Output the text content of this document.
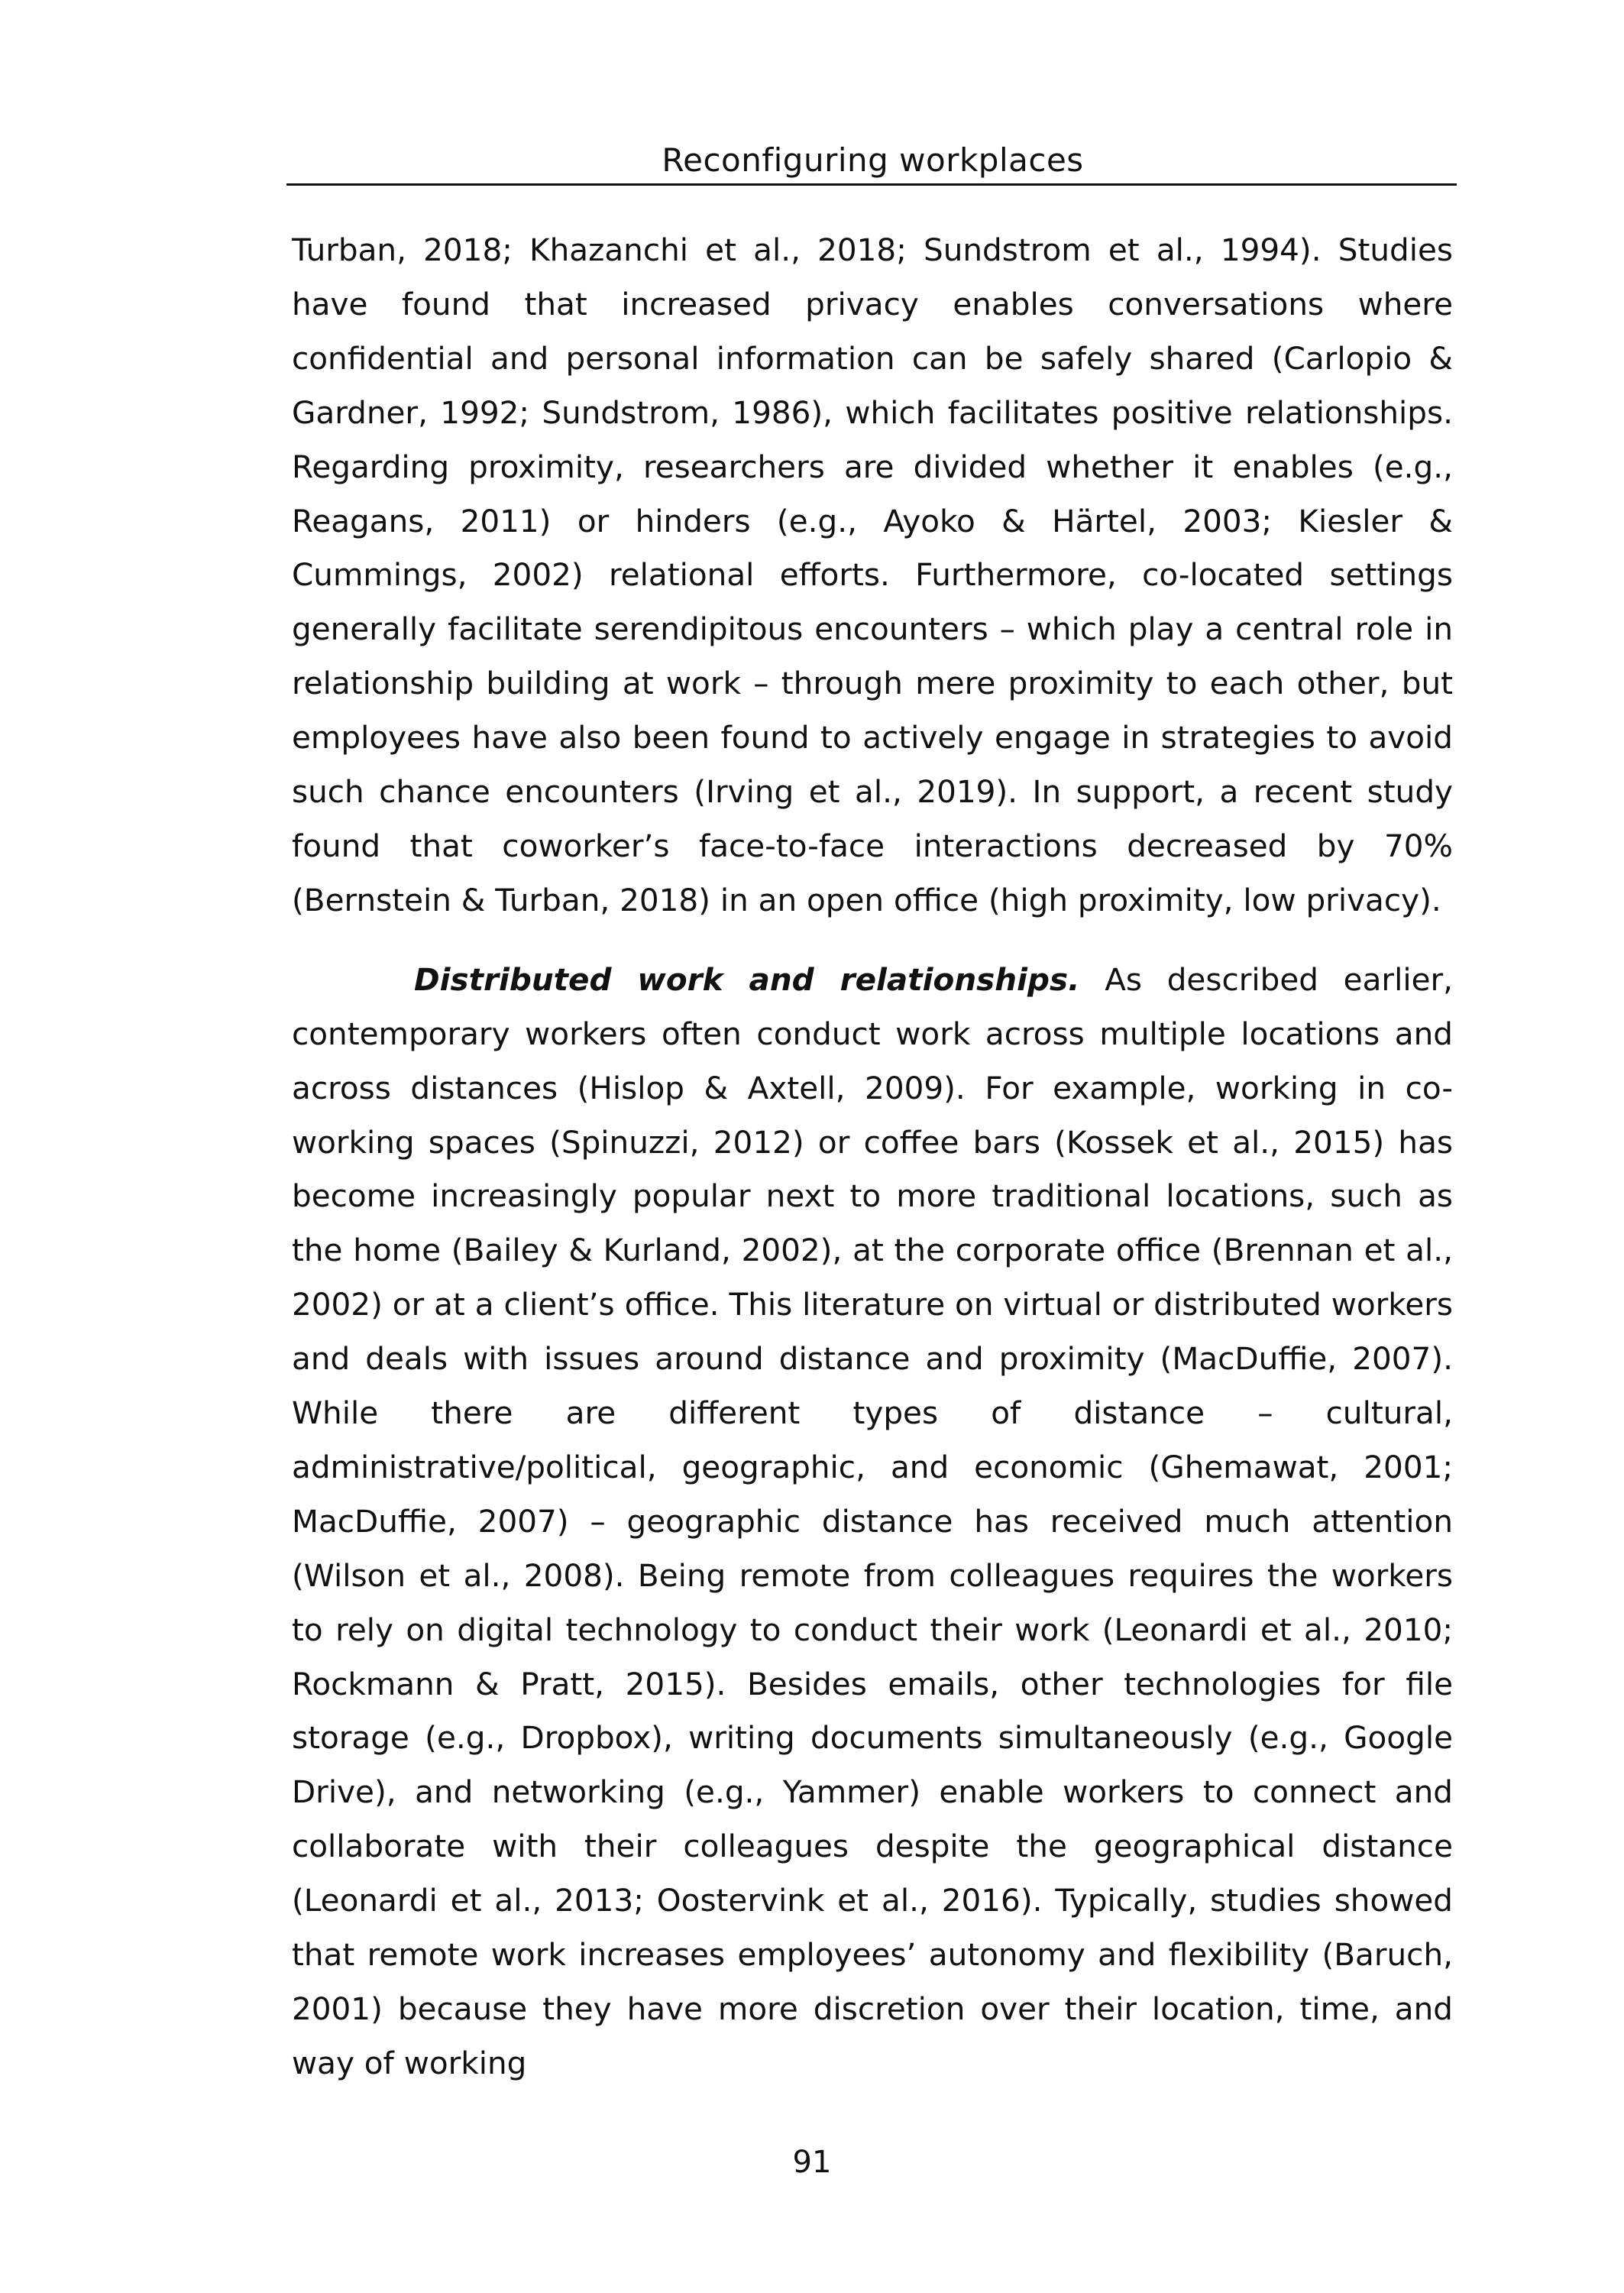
Reconfiguring workplaces

Turban, 2018; Khazanchi et al., 2018; Sundstrom et al., 1994). Studies have found that increased privacy enables conversations where confidential and personal information can be safely shared (Carlopio & Gardner, 1992; Sundstrom, 1986), which facilitates positive relationships. Regarding proximity, researchers are divided whether it enables (e.g., Reagans, 2011) or hinders (e.g., Ayoko & Härtel, 2003; Kiesler & Cummings, 2002) relational efforts. Furthermore, co-located settings generally facilitate serendipitous encounters – which play a central role in relationship building at work – through mere proximity to each other, but employees have also been found to actively engage in strategies to avoid such chance encounters (Irving et al., 2019). In support, a recent study found that coworker’s face-to-face interactions decreased by 70% (Bernstein & Turban, 2018) in an open office (high proximity, low privacy).

Distributed work and relationships. As described earlier, contemporary workers often conduct work across multiple locations and across distances (Hislop & Axtell, 2009). For example, working in co-working spaces (Spinuzzi, 2012) or coffee bars (Kossek et al., 2015) has become increasingly popular next to more traditional locations, such as the home (Bailey & Kurland, 2002), at the corporate office (Brennan et al., 2002) or at a client’s office. This literature on virtual or distributed workers and deals with issues around distance and proximity (MacDuffie, 2007). While there are different types of distance – cultural, administrative/political, geographic, and economic (Ghemawat, 2001; MacDuffie, 2007) – geographic distance has received much attention (Wilson et al., 2008). Being remote from colleagues requires the workers to rely on digital technology to conduct their work (Leonardi et al., 2010; Rockmann & Pratt, 2015). Besides emails, other technologies for file storage (e.g., Dropbox), writing documents simultaneously (e.g., Google Drive), and networking (e.g., Yammer) enable workers to connect and collaborate with their colleagues despite the geographical distance (Leonardi et al., 2013; Oostervink et al., 2016). Typically, studies showed that remote work increases employees’ autonomy and flexibility (Baruch, 2001) because they have more discretion over their location, time, and way of working

91
